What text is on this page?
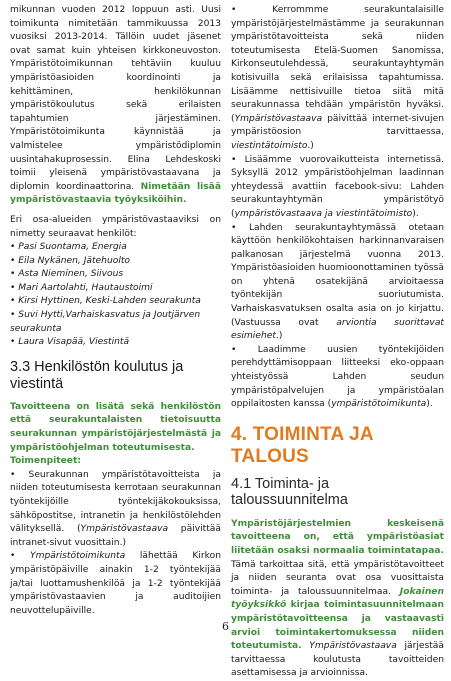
mikunnan vuoden 2012 loppuun asti. Uusi toimikunta nimitetään tammikuussa 2013 vuosiksi 2013-2014. Tällöin uudet jäsenet ovat samat kuin yhteisen kirkkoneuvoston. Ympäristötoimikunnan tehtäviin kuuluu ympäristöasioiden koordinointi ja kehittäminen, henkilökunnan ympäristökoulutus sekä erilaisten tapahtumien järjestäminen. Ympäristötoimikunta käynnistää ja valmistelee ympäristödiplomin uusintahakuprosessin. Elina Lehdeskoski toimii yleisenä ympäristövastaavana ja diplomin koordinaattorina. Nimetään lisää ympäristövastaavia työyksiköihin.

Eri osa-alueiden ympäristövastaaviksi on nimetty seuraavat henkilöt:

• Pasi Suontama, Energia
• Eila Nykänen, Jätehuolto
• Asta Nieminen, Siivous
• Mari Aartolahti, Hautaustoimi
• Kirsi Hyttinen, Keski-Lahden seurakunta
• Suvi Hytti,Varhaiskasvatus ja Joutjärven seurakunta
• Laura Visapää, Viestintä
3.3 Henkilöstön koulutus ja viestintä

Tavoitteena on lisätä sekä henkilöstön että seurakuntalaisten tietoisuutta seurakunnan ympäristöjärjestelmästä ja ympäristöohjelman toteutumisesta.

Toimenpiteet:

• Seurakunnan ympäristötavoitteista ja niiden toteutumisesta kerrotaan seurakunnan työntekijöille työntekijäkokouksissa, sähköpostitse, intranetin ja henkilöstölehden välityksellä. (Ympäristövastaava päivittää intranet-sivut vuosittain.)

• Ympäristötoimikunta lähettää Kirkon ympäristöpäiville ainakin 1-2 työntekijää ja/tai luottamushenkilöä ja 1-2 työntekijää ympäristövastaavien ja auditoijien neuvottelupäiville.

• Kerrommme seurakuntalaisille ympäristöjärjestelmästämme ja seurakunnan ympäristötavoitteista sekä niiden toteutumisesta Etelä-Suomen Sanomissa, Kirkonseutulehdessä, seurakuntayhtymän kotisivuilla sekä erilaisissa tapahtumissa. Lisäämme nettisivuille tietoa siitä mitä seurakunnassa tehdään ympäristön hyväksi. (Ympäristövastaava päivittää internet-sivujen ympäristöosion tarvittaessa, viestintätoimisto.)

• Lisäämme vuorovaikutteista internetissä. Syksyllä 2012 ympäristöohjelman laadinnan yhteydessä avattiin facebook-sivu: Lahden seurakuntayhtymän ympäristötyö (ympäristövastaava ja viestintätoimisto).

• Lahden seurakuntayhtymässä otetaan käyttöön henkilökohtaisen harkinnanvaraisen palkanosan järjestelmä vuonna 2013. Ympäristöasioiden huomioonottaminen työssä on yhtenä osatekijänä arvioitaessa työntekijän suoriutumista. Varhaiskasvatuksen osalta asia on jo kirjattu. (Vastuussa ovat arviontia suorittavat esimiehet.)

• Laadimme uusien työntekijöiden perehdyttämisoppaan liitteeksi eko-oppaan yhteistyössä Lahden seudun ympäristöpalvelujen ja ympäristöalan oppilaitosten kanssa (ympäristötoimikunta).

4. TOIMINTA JA TALOUS
4.1 Toiminta- ja taloussuunnitelma

Ympäristöjärjestelmien keskeisenä tavoitteena on, että ympäristöasiat liitetään osaksi normaalia toimintatapaa. Tämä tarkoittaa sitä, että ympäristötavoitteet ja niiden seuranta ovat osa vuosittaista toiminta- ja taloussuunnitelmaa. Jokainen työyksikkö kirjaa toimintasuunnitelmaan ympäristötavoitteensa ja vastaavasti arvioi toimintakertomuksessa niiden toteutumista. Ympäristövastaava järjestää tarvittaessa koulutusta tavoitteiden asettamisessa ja arvioinnissa.

6
